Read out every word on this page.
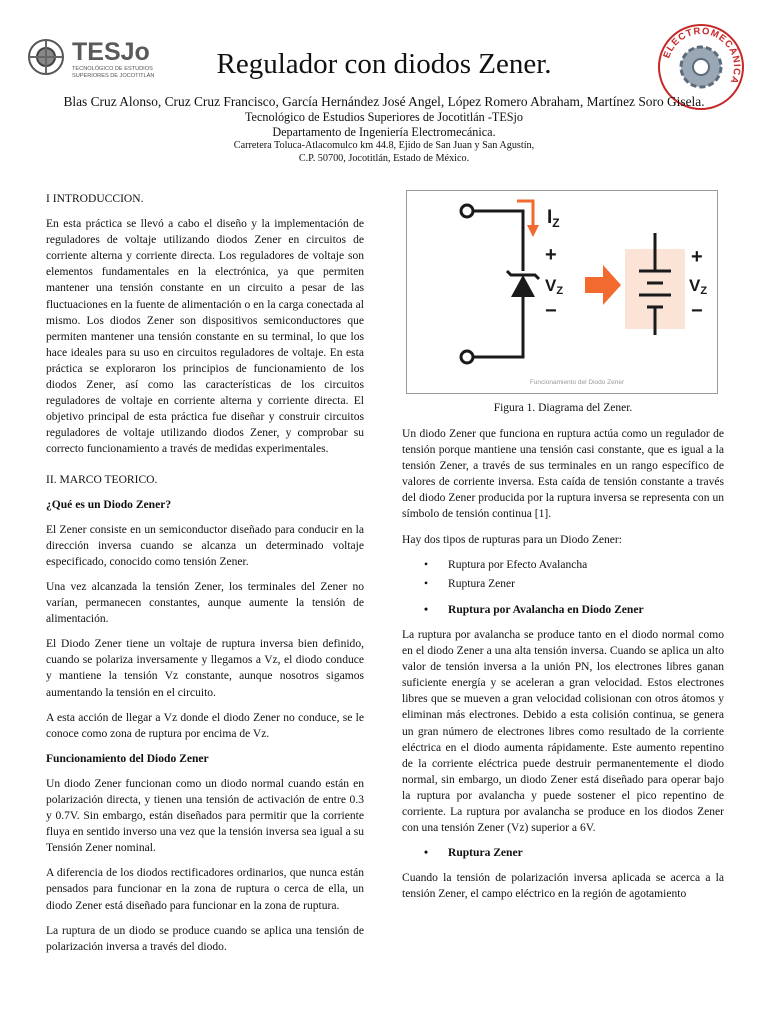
TESJo
TECNOLÓGICO DE ESTUDIOS
SUPERIORES DE JOCOTITLÁN
ELECTROMECÁNICA
Regulador con diodos Zener.
Blas Cruz Alonso, Cruz Cruz Francisco, García Hernández José Angel, López Romero Abraham, Martínez Soro Gisela.
Tecnológico de Estudios Superiores de Jocotitlán -TESjo
Departamento de Ingeniería Electromecánica.
Carretera Toluca-Atlacomulco km 44.8, Ejido de San Juan y San Agustín,
C.P. 50700, Jocotitlán, Estado de México.

I INTRODUCCION.

En esta práctica se llevó a cabo el diseño y la implementación de reguladores de voltaje utilizando diodos Zener en circuitos de corriente alterna y corriente directa. Los reguladores de voltaje son elementos fundamentales en la electrónica, ya que permiten mantener una tensión constante en un circuito a pesar de las fluctuaciones en la fuente de alimentación o en la carga conectada al mismo. Los diodos Zener son dispositivos semiconductores que permiten mantener una tensión constante en su terminal, lo que los hace ideales para su uso en circuitos reguladores de voltaje. En esta práctica se exploraron los principios de funcionamiento de los diodos Zener, así como las características de los circuitos reguladores de voltaje en corriente alterna y corriente directa. El objetivo principal de esta práctica fue diseñar y construir circuitos reguladores de voltaje utilizando diodos Zener, y comprobar su correcto funcionamiento a través de medidas experimentales.

II. MARCO TEORICO.

¿Qué es un Diodo Zener?

El Zener consiste en un semiconductor diseñado para conducir en la dirección inversa cuando se alcanza un determinado voltaje especificado, conocido como tensión Zener.

Una vez alcanzada la tensión Zener, los terminales del Zener no varían, permanecen constantes, aunque aumente la tensión de alimentación.

El Diodo Zener tiene un voltaje de ruptura inversa bien definido, cuando se polariza inversamente y llegamos a Vz, el diodo conduce y mantiene la tensión Vz constante, aunque nosotros sigamos aumentando la tensión en el circuito.

A esta acción de llegar a Vz donde el diodo Zener no conduce, se le conoce como zona de ruptura por encima de Vz.

Funcionamiento del Diodo Zener

Un diodo Zener funcionan como un diodo normal cuando están en polarización directa, y tienen una tensión de activación de entre 0.3 y 0.7V. Sin embargo, están diseñados para permitir que la corriente fluya en sentido inverso una vez que la tensión inversa sea igual a su Tensión Zener nominal.

A diferencia de los diodos rectificadores ordinarios, que nunca están pensados para funcionar en la zona de ruptura o cerca de ella, un diodo Zener está diseñado para funcionar en la zona de ruptura.

La ruptura de un diodo se produce cuando se aplica una tensión de polarización inversa a través del diodo.

$I_Z$
+
VZ
−
+
VZ
−
Funcionamiento del Diodo Zener
Figura 1. Diagrama del Zener.

Un diodo Zener que funciona en ruptura actúa como un regulador de tensión porque mantiene una tensión casi constante, que es igual a la tensión Zener, a través de sus terminales en un rango específico de valores de corriente inversa. Esta caída de tensión constante a través del diodo Zener producida por la ruptura inversa se representa con un símbolo de tensión continua [1].

Hay dos tipos de rupturas para un Diodo Zener:

• Ruptura por Efecto Avalancha
• Ruptura Zener

• Ruptura por Avalancha en Diodo Zener

La ruptura por avalancha se produce tanto en el diodo normal como en el diodo Zener a una alta tensión inversa. Cuando se aplica un alto valor de tensión inversa a la unión PN, los electrones libres ganan suficiente energía y se aceleran a gran velocidad. Estos electrones libres que se mueven a gran velocidad colisionan con otros átomos y eliminan más electrones. Debido a esta colisión continua, se genera un gran número de electrones libres como resultado de la corriente eléctrica en el diodo aumenta rápidamente. Este aumento repentino de la corriente eléctrica puede destruir permanentemente el diodo normal, sin embargo, un diodo Zener está diseñado para operar bajo la ruptura por avalancha y puede sostener el pico repentino de corriente. La ruptura por avalancha se produce en los diodos Zener con una tensión Zener (Vz) superior a 6V.

• Ruptura Zener

Cuando la tensión de polarización inversa aplicada se acerca a la tensión Zener, el campo eléctrico en la región de agotamiento
